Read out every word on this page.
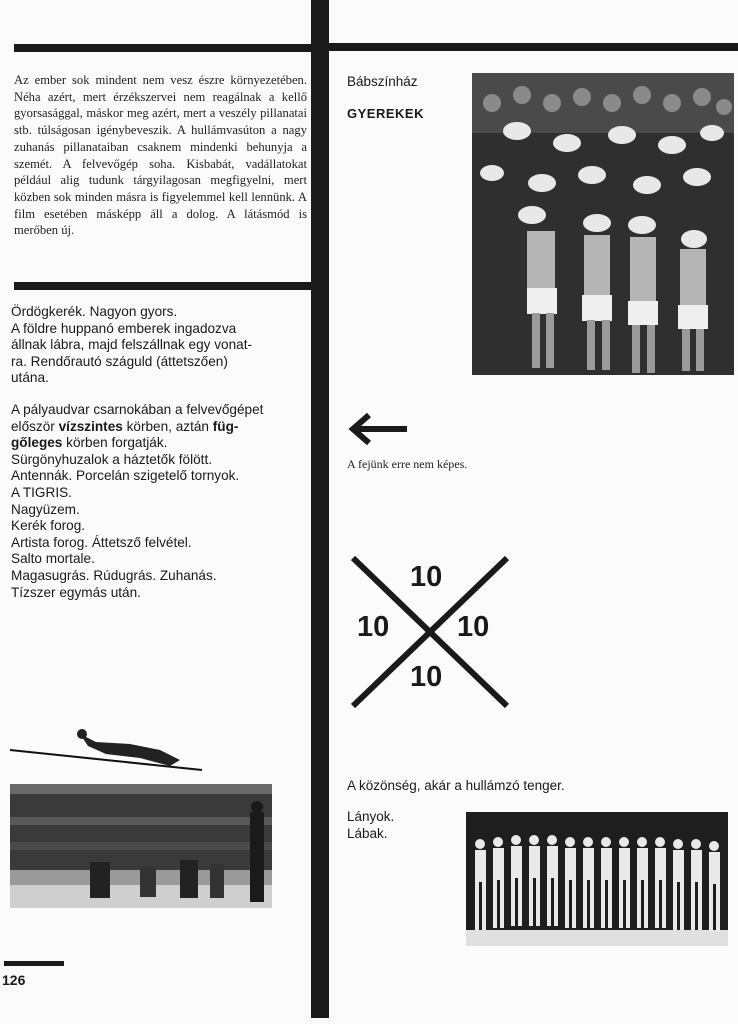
Az ember sok mindent nem vesz észre környezetében. Néha azért, mert érzékszervei nem reagálnak a kellő gyorsasággal, máskor meg azért, mert a veszély pillanatai stb. túlságosan igénybeveszik. A hullámvasúton a nagy zuhanás pillanataiban csaknem mindenki behunyja a szemét. A felvevőgép soha. Kisbabát, vadállatokat például alig tudunk tárgyilagosan megfigyelni, mert közben sok minden másra is figyelemmel kell lennünk. A film esetében másképp áll a dolog. A látásmód is merőben új.

Ördögkerék. Nagyon gyors.
A földre huppanó emberek ingadozva
állnak lábra, majd felszállnak egy vonat-
ra. Rendőrautó száguld (áttetszően)
utána.
A pályaudvar csarnokában a felvevőgépet
először vízszintes körben, aztán füg-
gőleges körben forgatják.
Sürgönyhuzalok a háztetők fölött.
Antennák. Porcelán szigetelő tornyok.
A TIGRIS.
Nagyüzem.
Kerék forog.
Artista forog. Áttetsző felvétel.
Salto mortale.
Magasugrás. Rúdugrás. Zuhanás.
Tízszer egymás után.
126
Bábszínház
GYEREKEK
A fejünk erre nem képes.
10
10 10
10
A közönség, akár a hullámzó tenger.
Lányok.
Lábak.
